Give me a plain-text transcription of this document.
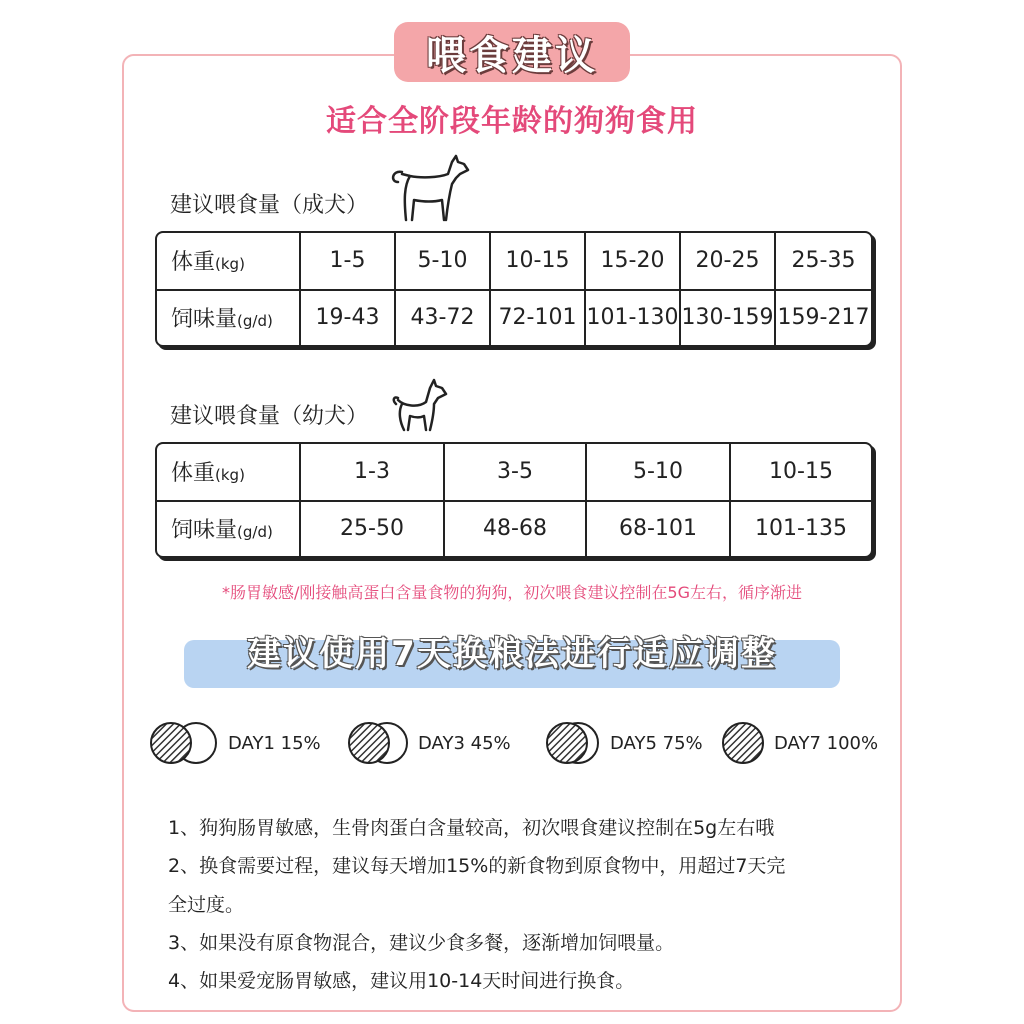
喂食建议
适合全阶段年龄的狗狗食用
建议喂食量（成犬）
体重(kg)	1-5	5-10	10-15	15-20	20-25	25-35
饲味量(g/d)	19-43	43-72	72-101	101-130	130-159	159-217
建议喂食量（幼犬）
体重(kg)	1-3	3-5	5-10	10-15
饲味量(g/d)	25-50	48-68	68-101	101-135
*肠胃敏感/刚接触高蛋白含量食物的狗狗，初次喂食建议控制在5G左右，循序渐进
建议使用7天换粮法进行适应调整
DAY1 15%	DAY3 45%	DAY5 75%	DAY7 100%
1、狗狗肠胃敏感，生骨肉蛋白含量较高，初次喂食建议控制在5g左右哦
2、换食需要过程，建议每天增加15%的新食物到原食物中，用超过7天完
全过度。
3、如果没有原食物混合，建议少食多餐，逐渐增加饲喂量。
4、如果爱宠肠胃敏感，建议用10-14天时间进行换食。
